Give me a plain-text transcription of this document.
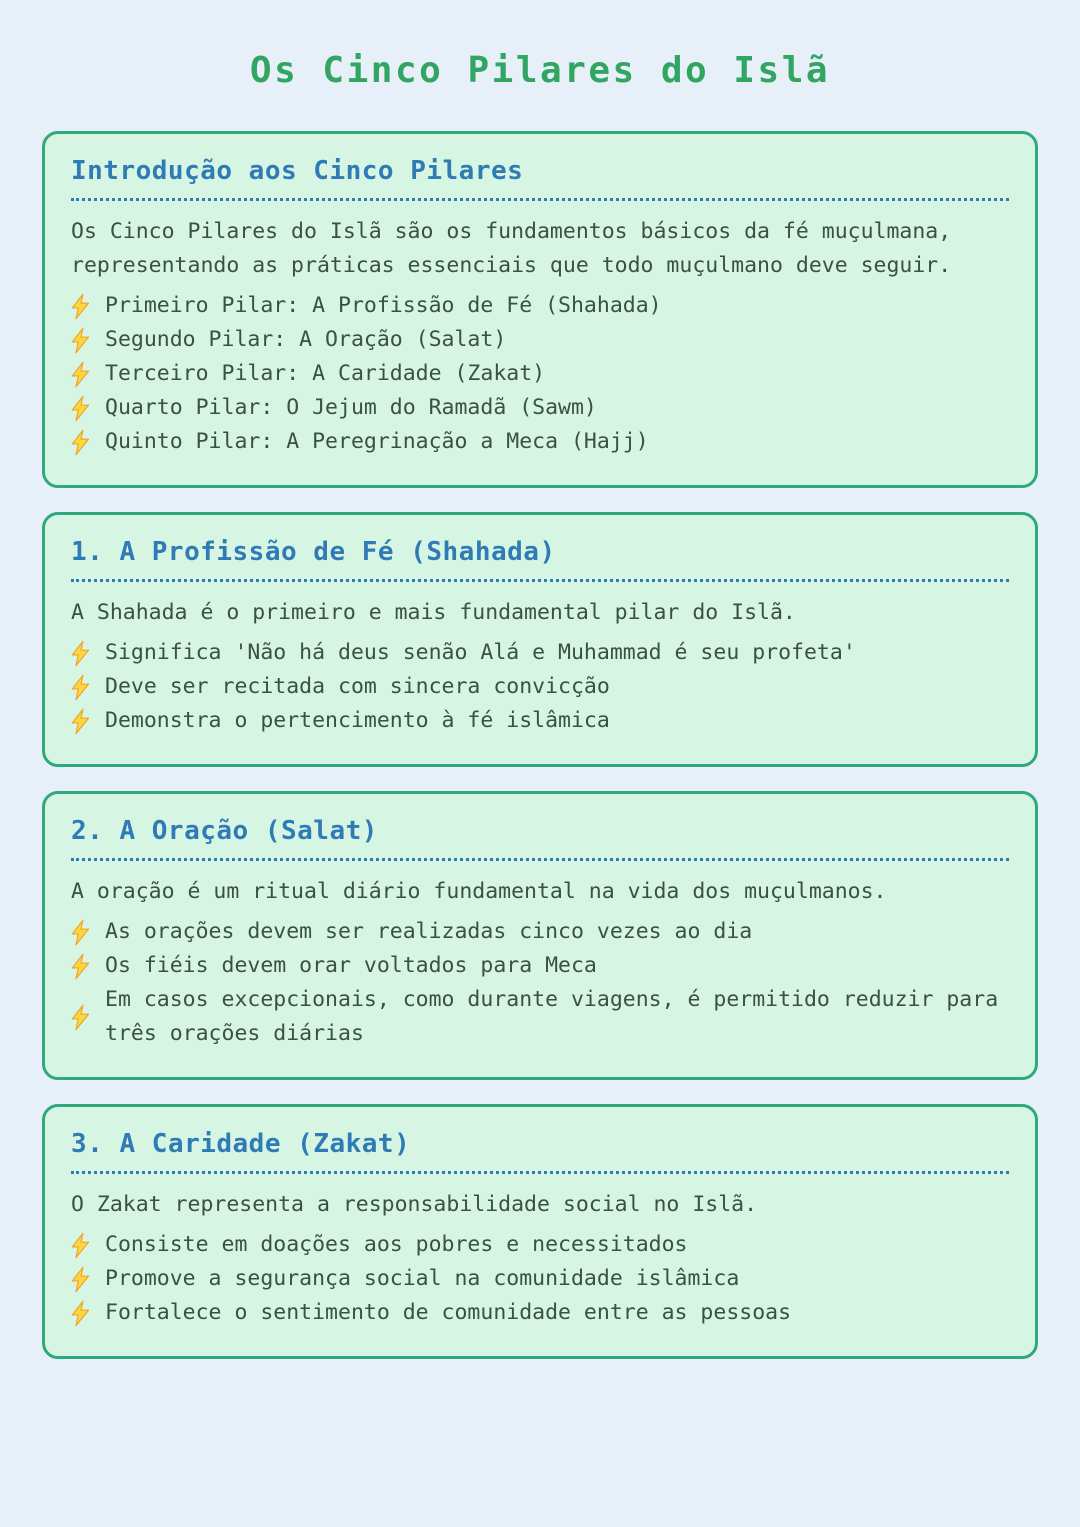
Os Cinco Pilares do Islã
Introdução aos Cinco Pilares

Os Cinco Pilares do Islã são os fundamentos básicos da fé muçulmana, representando as práticas essenciais que todo muçulmano deve seguir.

Primeiro Pilar: A Profissão de Fé (Shahada)
Segundo Pilar: A Oração (Salat)
Terceiro Pilar: A Caridade (Zakat)
Quarto Pilar: O Jejum do Ramadã (Sawm)
Quinto Pilar: A Peregrinação a Meca (Hajj)
1. A Profissão de Fé (Shahada)

A Shahada é o primeiro e mais fundamental pilar do Islã.

Significa 'Não há deus senão Alá e Muhammad é seu profeta'
Deve ser recitada com sincera convicção
Demonstra o pertencimento à fé islâmica
2. A Oração (Salat)

A oração é um ritual diário fundamental na vida dos muçulmanos.

As orações devem ser realizadas cinco vezes ao dia
Os fiéis devem orar voltados para Meca
Em casos excepcionais, como durante viagens, é permitido reduzir para três orações diárias
3. A Caridade (Zakat)

O Zakat representa a responsabilidade social no Islã.

Consiste em doações aos pobres e necessitados
Promove a segurança social na comunidade islâmica
Fortalece o sentimento de comunidade entre as pessoas
